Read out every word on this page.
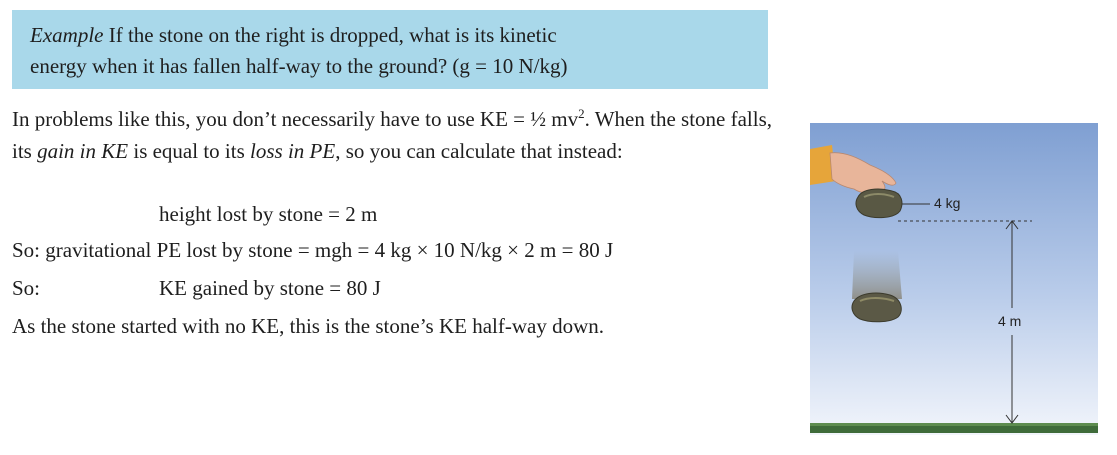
Example If the stone on the right is dropped, what is its kinetic
energy when it has fallen half-way to the ground? (g = 10 N/kg)
In problems like this, you don’t necessarily have to use KE = ½ $mv^2$. When the stone falls, its gain in KE is equal to its loss in PE, so you can calculate that instead:
height lost by stone = 2 m
So: gravitational PE lost by stone = mgh = 4 kg × 10 N/kg × 2 m = 80 J
So:	KE gained by stone = 80 J
As the stone started with no KE, this is the stone’s KE half-way down.
4 kg
4 m
